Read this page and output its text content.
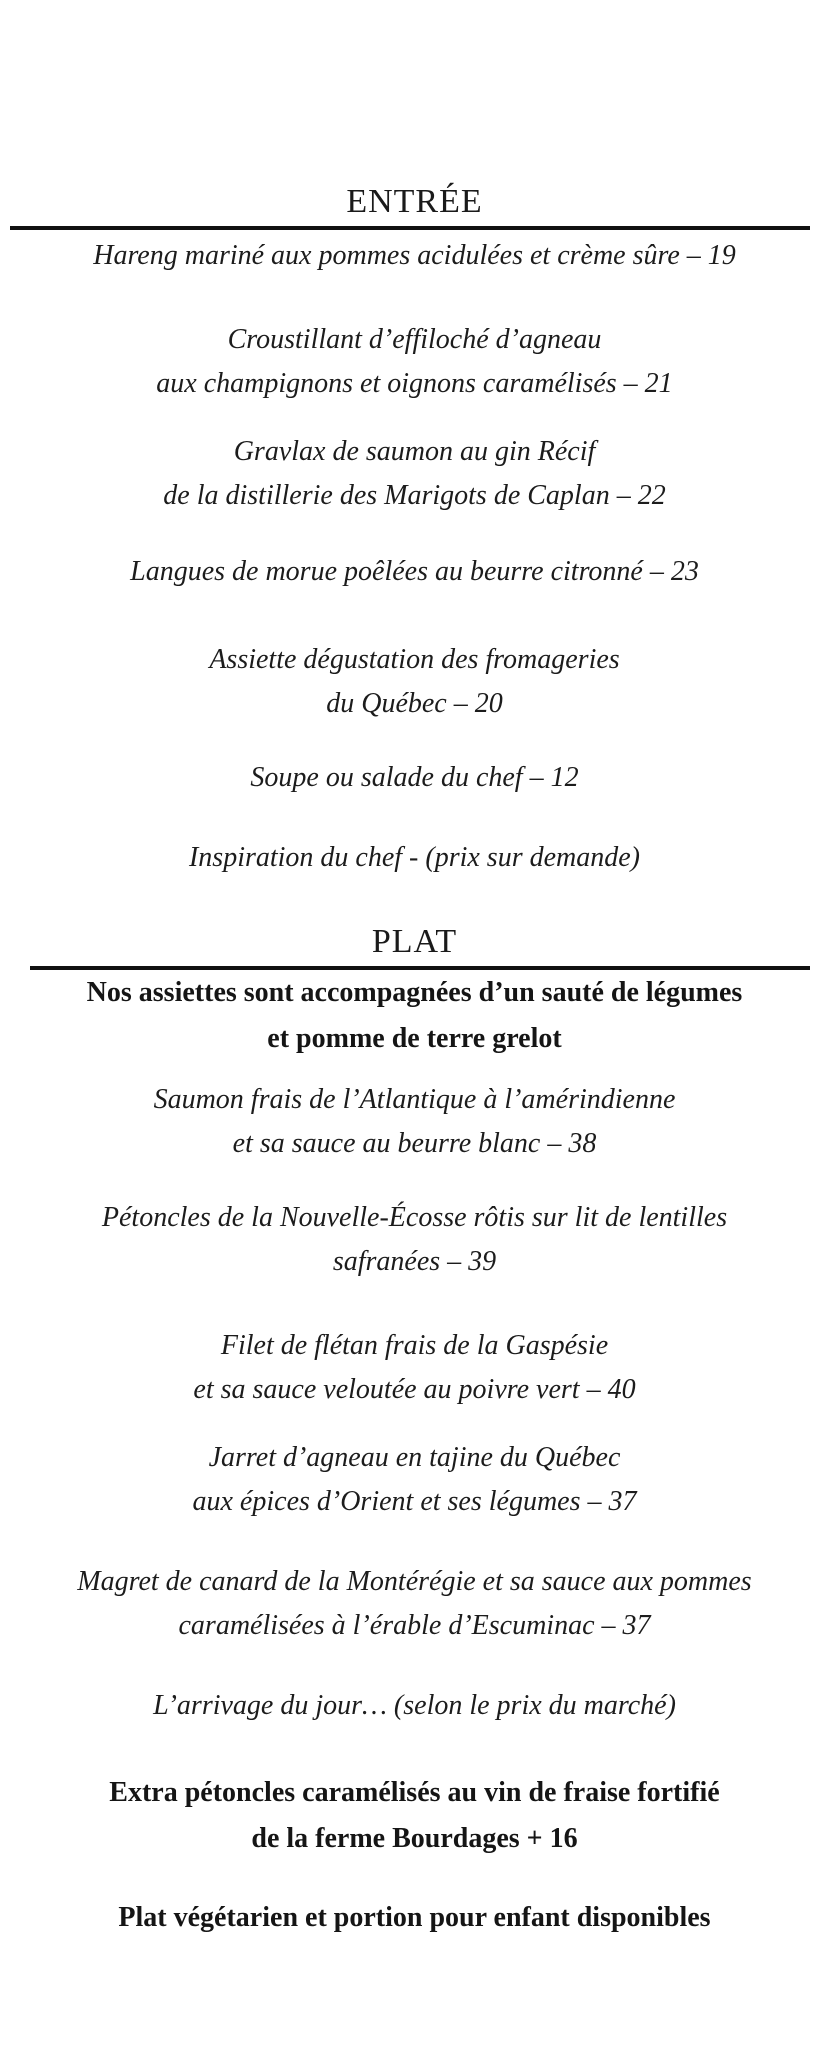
ENTRÉE
Hareng mariné aux pommes acidulées et crème sûre – 19
Croustillant d’effiloché d’agneau
aux champignons et oignons caramélisés – 21
Gravlax de saumon au gin Récif
de la distillerie des Marigots de Caplan – 22
Langues de morue poêlées au beurre citronné – 23
Assiette dégustation des fromageries
du Québec – 20
Soupe ou salade du chef – 12
Inspiration du chef - (prix sur demande)
PLAT
Nos assiettes sont accompagnées d’un sauté de légumes
et pomme de terre grelot
Saumon frais de l’Atlantique à l’amérindienne
et sa sauce au beurre blanc – 38
Pétoncles de la Nouvelle-Écosse rôtis sur lit de lentilles
safranées – 39
Filet de flétan frais de la Gaspésie
et sa sauce veloutée au poivre vert – 40
Jarret d’agneau en tajine du Québec
aux épices d’Orient et ses légumes – 37
Magret de canard de la Montérégie et sa sauce aux pommes
caramélisées à l’érable d’Escuminac – 37
L’arrivage du jour… (selon le prix du marché)
Extra pétoncles caramélisés au vin de fraise fortifié
de la ferme Bourdages + 16
Plat végétarien et portion pour enfant disponibles
